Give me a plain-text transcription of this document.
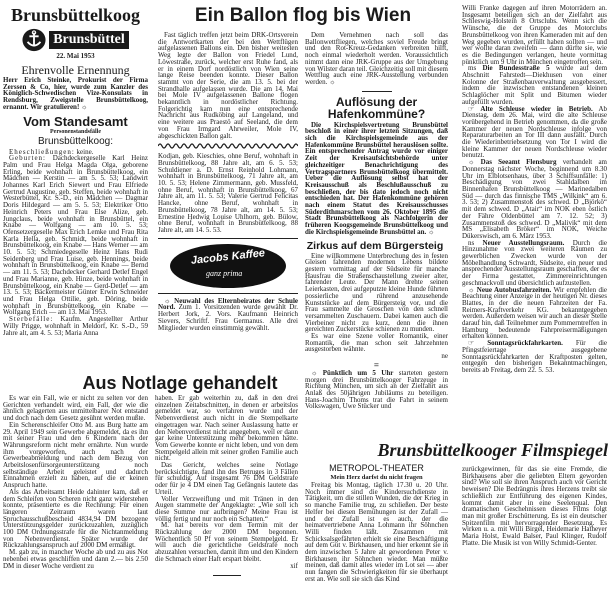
Brunsbüttelkoog
Brunsbüttel
22. Mai 1953
Ehrenvolle Ernennung
Herr Erich Steinke, Prokurist der Firma Zerssen & Co, hier, wurde zum Kanzler des Königlich-Schwedischen Vize-Konsulats in Rendsburg, Zweigstelle Brunsbüttelkoog, ernannt. Wir gratulieren! ☼
Vom Standesamt
Personenstandsfälle
Brunsbüttelkoog:

Eheschließungen: keine.

Geburten: Dachdeckergeselle Karl Heinz Palm und Frau Helga Magda Olga, geborene Erling, beide wohnhaft in Brunsbüttelkoog, ein Mädchen — Kerstin — am 5. 5. 53; Landwirt Johannes Karl Erich Siewert und Frau Elfriede Gertrud Augustine, geb. Steffen, beide wohnhaft in Westerbüttel, Kr. S.-D., ein Mädchen — Dagmar Doris Hildegard — am 5. 5. 53; Elektriker Otto Heinrich Peters und Frau Else Alize, geb. Jungclaus, beide wohnhaft in Brunsbüttel, ein Knabe — Wolfgang — am 10. 5. 53; Ofensetzergeselle Max Erich Lemke und Frau Rita Karla Hella, geb. Schmidt, beide wohnhaft in Brunsbüttelkoog, ein Knabe — Hans Werner — am 10. 5. 53; Schmiedegeselle Heinz Hans Rudi Seidenberg und Frau Luise, geb. Hennings, beide wohnhaft in Brunsbüttelkoog, ein Knabe — Bernd — am 11. 5. 53; Dachdecker Gerhard Detlef Engel und Frau Marianne, geb. Hinze, beide wohnhaft in Brunsbüttelkoog, ein Knabe — Gerd-Detlef — am 13. 5. 53; Bäckermeister Günter Erwin Schneider und Frau Helga Ottilie, geb. Döring, beide wohnhaft in Brunsbüttelkoog, ein Knabe — Wolfgang Erich — am 13. Mai 1953.

Sterbefälle: Kaufm. Angestellter Arthur Willy Prigge, wohnhaft in Meldorf, Kr. S.-D., 59 Jahre alt, am 4. 5. 53; Maria Anna

Ein Ballon flog bis Wien

Fast täglich treffen jetzt beim DRK-Ortsverein die Antwortkarten der bei den Wettflügen aufgelassenen Ballons ein. Den bisher weitesten Weg legte der Ballon von Friedel Lund, Löwestraße, zurück, welcher erst Ruhe fand, als er in einem Dorf nordöstlich von Wien seine lange Reise beenden konnte. Dieser Ballon stammt von der Serie, die am 13. 5. bei der Strandhalle aufgelassen wurde. Die am 14. Mai bei Mole IV aufgelassenen Ballone flogen bekanntlich in nordöstlicher Richtung. Folgerichtig kam nun eine entsprechende Nachricht aus Rudköbing auf Langeland, und eine weitere aus Praestö auf Seeland, die dem von Frau Irmgard Ahrweiler, Mole IV, abgeschickten Ballon galt.

Kodjan, geb. Kieschies, ohne Beruf, wohnhaft in Brunsbüttelkoog, 88 Jahre alt, am 6. 5. 53; Schuldiener a. D. Ernst Reinhold Lohmann, wohnhaft in Brunsbüttelkoog, 71 Jahre alt, am 10. 5. 53; Helene Zimmermann, geb. Mussfeld, ohne Beruf, wohnhaft in Brunsbüttelkoog, 67 Jahre alt, am 11. 5. 53; Valerie Gertrud Felicitas Hancke, ohne Beruf, wohnhaft in Brunsbüttelkoog, 78 Jahre alt, am 14. 5. 53; Ernestine Hedwig Louise Uhlhorn, geb. Bülow, ohne Beruf, wohnhaft in Brunsbüttelkoog, 88 Jahre alt, am 14. 5. 53.
Jacobs Kaffee
ganz prima

☼ Neuwahl des Elternbeirates der Schule Nord. Zum 1. Vorsitzenden wurde gewählt Dr. Herbert Jork, 2. Vors. Kaufmann Heinrich Sievers, Schriftf. Frau Germanus. Alle drei Mitglieder wurden einstimmig gewählt.

Dem Vernehmen nach soll das Ballonwettfliegen, welches soviel Freude bringt und den Rot-Kreuz-Gedanken verbreiten hilft, noch einmal wiederholt werden. Voraussichtlich nimmt dann eine JRK-Gruppe aus der Umgebung von Wilster daran teil. Gleichzeitig soll mit diesem Wettflug auch eine JRK-Ausstellung verbunden werden. ☼

Auflösung der Hafenkommüne?

Die Kirchspielsvertretung Brunsbüttel beschloß in einer ihrer letzten Sitzungen, daß sich die Kirchspielsgemeinde aus der Hafenkommüne Brunsbüttel herauslösen sollte. Ein entsprechender Antrag wurde vor einiger Zeit der Kreisaufsichtsbehörde unter gleichzeitiger Benachrichtigung des Vertragspartners Brunsbüttelkoog übermittelt. Ueber die Auflösung selbst hat der Kreisausschuß als Beschlußausschuß zu beschließen, der bis dato jedoch noch nicht entschieden hat. Der Hafenkommüne gehören nach einem Statut des Kreisausschusses Süderdithmarschen vom 26. Oktober 1895 die Stadt Brunsbüttelkoog als Nachfolgerin der früheren Koogsgemeinde Brunsbüttelkoog und die Kirchspielsgemeinde Brunsbüttel an. ☼

Zirkus auf dem Bürgersteig

Eine willkommene Unterbrechung des in festen Gleisen fahrenden modernen Lebens bildete gestern vormittag auf der Südseite für manche Hausfrau die Straßenschaustellung zweier alter, fahrender Leute. Der Mann drehte seinen Leierkasten, drei aufgeputzte kleine Hunde führten possierliche und rührend anzusehende Kunststücke auf dem Bürgersteig vor, und die Frau sammelte die Groschen von den schnell versammelten Zuschauern. Dabei kamen auch die Vierbeiner nicht zu kurz, denn die ihnen gereichten Zuckerstücke schienen zu munden.

Es war eine Szene voller Romantik, einer Romantik, die man schon seit Jahrzehnten ausgestorben wähnte.

ne

=

☼ Pünktlich um 5 Uhr starteten gestern morgen drei Brunsbüttelkooger Fahrzeuge in Richtung München, um sich an der Zielfahrt aus Anlaß des 50jährigen Jubiläums zu beteiligen. Hans-Joachim Thoms trat die Fahrt in seinem Volkswagen, Uwe Stücker und

Willi Franke dagegen auf ihren Motorrädern an. Insgesamt beteiligen sich an der Zielfahrt aus Schleswig-Holstein 8 Ortsclubs. Wenn sich die Wünsche, die der Gruppe des Motorclubs Brunsbüttelkoog von ihren Kameraden mit auf den Weg gegeben wurden, erfüllt haben sollten — und wer wollte daran zweifeln — dann dürfte sie, wie es die Bedingungen verlangen, heute vormittag pünktlich um 9 Uhr in München eingetroffen sein.

ms Die Bundesstraße 5 wurde auf dem Abschnitt Fahrstedt—Diekhusen von einer Kolonne der Straßenbauverwaltung ausgebessert, indem die inzwischen entstandenen kleinen Schlaglöcher mit Split und Bitumen wieder aufgefüllt wurden.

☞ Alte Schleuse wieder in Betrieb. Ab Dienstag, dem 26. Mai, wird die alte Schleuse vorübergehend in Betrieb genommen, da die große Kammer der neuen Nordschleuse infolge von Reparaturarbeiten an Tor III dann ausfällt. Durch die Wiederinbetriebsetzung von Tor I wird die kleine Kammer der neuen Nordschleuse wieder benutzt.

☼ Das Seeamt Flensburg verhandelt am Donnerstag nächster Woche, beginnend um 8.30 Uhr im Elblotsenhaus, über 3 Schiffsunfälle: 1) Beschädigung von zwei Stahldalben im Binnenhafen Brunsbüttelkoog — Marinedalben Süd — durch das finnische TMS „Wilkink“ am 6. 3. 53; 2) Zusammenstoß des schwed. D „Björkö“ mit dem schwed. D „Atair“ im NOK eben östlich der Fähre Oldenbüttel am 7. 12. 52; 3) Zusammenstoß des schwed. D „Malivik“ mit dem MS „Elisabeth Bröker“ im NOK, Weiche Dükerswisch, am 6. März 1953.

ns Neuer Ausstellungsraum. Durch die Hinzunahme von zwei weiteren Räumen zu gewerblichen Zwecken wurde von der Möbelhandlung Schwardt, Südseite, ein neuer und ansprechender Ausstellungsraum geschaffen, der es der Firma gestattet, Zimmereinrichtungen geschmackvoll und übersichtlich aufzustellen.

☼ Neue Autobusfahrzeiten. Wir empfehlen die Beachtung einer Anzeige in der heutigen Nr. dieses Blattes, in der die neuen Fahrzeiten der Fa. Reimers-Kraftverkehr KG. bekanntgegeben werden. Außerdem weisen wir auch an dieser Stelle darauf hin, daß Teilnehmer zum Pommerntreffen in Hamburg bedeutende Fahrpreisermäßigungen erhalten können.

☞ Sonntagsrückfahrkarten. Für die Pfingstfeiertage ausgegebene Sonntagsrückfahrkarten der Kraftposten gelten, entgegen den bisherigen Bekanntmachungen, bereits ab Freitag, dem 22. 5. 53.

Aus Notlage gehandelt

Es war ein Fall, wie er nicht zu selten vor den Gerichten verhandelt wird, ein Fall, der wie die ähnlich gelagerten aus unmittelbarer Not entstand und doch nach dem Gesetz gesühnt werden mußte.

Ein Scherenschleifer Otto M. aus Burg hatte am 29. April 1949 sein Gewerbe abgemeldet, da es ihn mit seiner Frau und den 6 Kindern nach der Währungsreform nicht mehr ernährte. Nun wurde ihm vorgeworfen, auch nach der Gewerbeabmeldung und nach dem Bezug von Arbeitslosenfürsorgeunterstützung noch selbständige Arbeit geleistet und dadurch Einnahmen erzielt zu haben, auf die er keinen Anspruch hatte.

Als das Arbeitsamt Heide dahinter kam, daß er dem Schleifen von Scheren nicht ganz widerstehen konnte, präsentierte es die Rechnung: Für einen längeren Zeitraum waren laut Spruchausschußbescheid 4834,94 DM bezogene Unterstützungsgelder zurückzuzahlen, zuzüglich 100 DM Ordnungsstrafe für die Nichtanmeldung von Nebenverdienst. Später wurde der Rückzahlungsanspruch auf 2000 DM ermäßigt.

M. gab zu, in mancher Woche ab und zu aus Not nebenbei etwas geschliffen und dann 2.— bis 2.50 DM in dieser Woche verdient zu

haben. Er gab weiterhin zu, daß in den drei einzelnen Zeitabschnitten, in denen er arbeitslos gemeldet war, so verfahren wurde und der Nebenverdienst auch nicht in die Stempelkarte eingetragen war. Nach seiner Auslassung hatte er den Nebenverdienst nicht angegeben, weil er dann gar keine Unterstützung mehr bekommen hätte. Vom Gewerbe konnte er nicht leben, und von dem Stempelgeld allein mit seiner großen Familie auch nicht.

Das Gericht, welches seine Notlage berücksichtigte, fand ihn des Betruges in 3 Fällen für schuldig. Auf insgesamt 76 DM Geldstrafe oder für je 4 DM einen Tag Gefängnis lautete das Urteil.

Voller Verzweiflung und mit Tränen in den Augen stammelte der Angeklagte: „Wie soll ich diese Summe nur aufbringen? Meine Frau ist völlig fertig und nur noch ein Schatten.“

M. hat bereits vor dem Termin mit der Rückzahlung der 2000 DM begonnen. Wöchentlich 50 Pf von seinem Stempelgeld. Er will auch die gerichtliche Geldstrafe noch abzuzahlen versuchen, damit ihm und den Kindern die Schmach einer Haft erspart bleibt.

xif

Brunsbüttelkooger Filmspiegel
METROPOL-THEATER
Mein Herz darfst du nicht fragen

Freitag bis Montag, täglich 17.30 u. 20 Uhr. Noch immer sind die Kindersuchdienste in Tätigkeit, um die stillen Wunden, die der Krieg in so manche Familie trug, zu schließen. Der beste Helfer bei diesen Bemühungen ist der Zufall — und der Zufall ist es auch, der die heimatvertriebene Anna Lohmann ihr Söhnchen Willi finden läßt. Zusammen mit Schicksalsgefährten erhielt sie eine Beschäftigung auf dem Gut v. Birkhausen, und hier erkennt sie in dem inzwischen 5 Jahre alt gewordenen Peter v. Birkhausen ihr Söhnchen wieder. Man müßte meinen, daß damit alles wieder im Lot sei — aber nun fangen die Schwierigkeiten für sie überhaupt erst an. Wie soll sie sich das Kind

zurückgewinnen, für das sie eine Fremde, die Birkhausens aber die geliebten Eltern geworden sind? Wie soll sie ihren Anspruch auch vor Gericht beweisen? Die Bedrängnis ihres Herzens treibt sie schließlich zur Entführung des eigenen Kindes, kommt damit aber in eine Seelenqual. Den dramatischen Geschehnissen dieses Films folgt man mit großer Erschütterung. Es ist ein deutscher Spitzenfilm mit hervorragender Besetzung. Es wirken u. a. mit Willi Birgel, Heidemarie Hatheyer Maria Holst, Ewald Balser, Paul Klinger, Rudolf Platte. Die Musik ist von Willy Schmidt-Genter.
